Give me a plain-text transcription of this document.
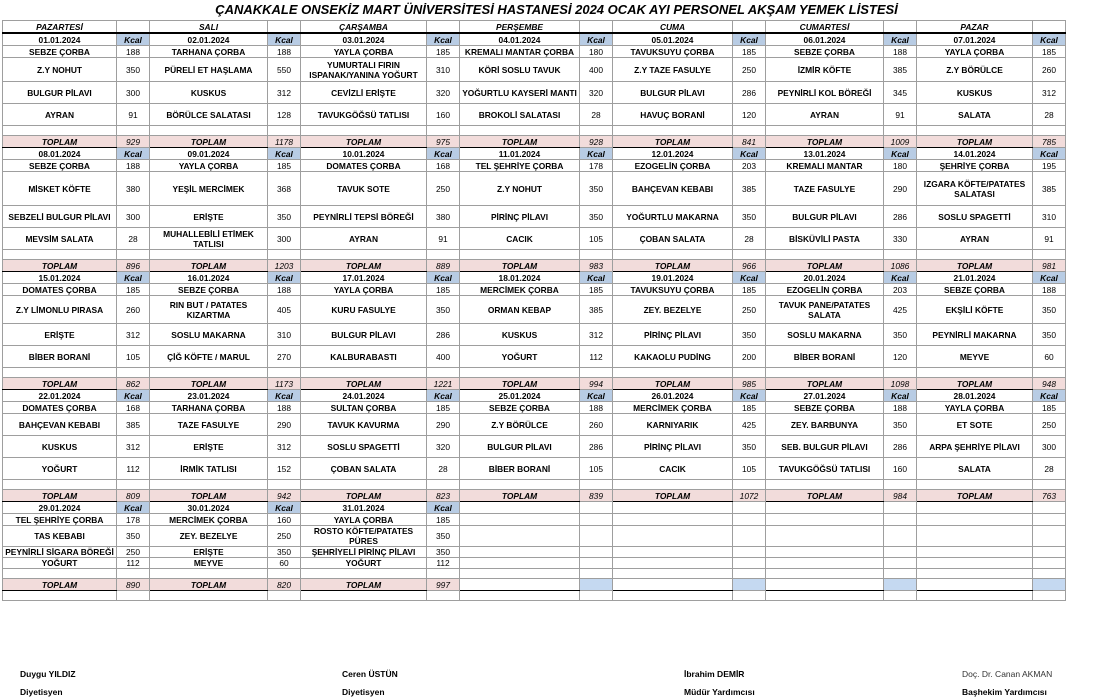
ÇANAKKALE ONSEKİZ MART ÜNİVERSİTESİ HASTANESİ 2024 OCAK AYI PERSONEL AKŞAM YEMEK LİSTESİ
PAZARTESİ		SALI		ÇARŞAMBA		PERŞEMBE		CUMA		CUMARTESİ		PAZAR	
01.01.2024	Kcal	02.01.2024	Kcal	03.01.2024	Kcal	04.01.2024	Kcal	05.01.2024	Kcal	06.01.2024	Kcal	07.01.2024	Kcal
SEBZE ÇORBA	188	TARHANA ÇORBA	188	YAYLA ÇORBA	185	KREMALI MANTAR ÇORBA	180	TAVUKSUYU ÇORBA	185	SEBZE ÇORBA	188	YAYLA ÇORBA	185
Z.Y NOHUT	350	PÜRELİ ET HAŞLAMA	550	YUMURTALI FIRIN ISPANAK/YANINA YOĞURT	310	KÖRİ SOSLU TAVUK	400	Z.Y TAZE FASULYE	250	İZMİR KÖFTE	385	Z.Y BÖRÜLCE	260
BULGUR PİLAVI	300	KUSKUS	312	CEVİZLİ ERİŞTE	320	YOĞURTLU KAYSERİ MANTI	320	BULGUR PİLAVI	286	PEYNİRLİ KOL BÖREĞİ	345	KUSKUS	312
AYRAN	91	BÖRÜLCE SALATASI	128	TAVUKGÖĞSÜ TATLISI	160	BROKOLİ SALATASI	28	HAVUÇ BORANİ	120	AYRAN	91	SALATA	28

TOPLAM	929	TOPLAM	1178	TOPLAM	975	TOPLAM	928	TOPLAM	841	TOPLAM	1009	TOPLAM	785
08.01.2024	Kcal	09.01.2024	Kcal	10.01.2024	Kcal	11.01.2024	Kcal	12.01.2024	Kcal	13.01.2024	Kcal	14.01.2024	Kcal
SEBZE ÇORBA	188	YAYLA ÇORBA	185	DOMATES ÇORBA	168	TEL ŞEHRİYE ÇORBA	178	EZOGELİN ÇORBA	203	KREMALI MANTAR	180	ŞEHRİYE ÇORBA	195
MİSKET KÖFTE	380	YEŞİL MERCİMEK	368	TAVUK SOTE	250	Z.Y NOHUT	350	BAHÇEVAN KEBABI	385	TAZE FASULYE	290	IZGARA KÖFTE/PATATES SALATASI	385
SEBZELİ BULGUR PİLAVI	300	ERİŞTE	350	PEYNİRLİ TEPSİ BÖREĞİ	380	PİRİNÇ PİLAVI	350	YOĞURTLU MAKARNA	350	BULGUR PİLAVI	286	SOSLU SPAGETTİ	310
MEVSİM SALATA	28	MUHALLEBİLİ ETİMEK TATLISI	300	AYRAN	91	CACIK	105	ÇOBAN SALATA	28	BİSKÜVİLİ PASTA	330	AYRAN	91

TOPLAM	896	TOPLAM	1203	TOPLAM	889	TOPLAM	983	TOPLAM	966	TOPLAM	1086	TOPLAM	981
15.01.2024	Kcal	16.01.2024	Kcal	17.01.2024	Kcal	18.01.2024	Kcal	19.01.2024	Kcal	20.01.2024	Kcal	21.01.2024	Kcal
DOMATES ÇORBA	185	SEBZE ÇORBA	188	YAYLA ÇORBA	185	MERCİMEK ÇORBA	185	TAVUKSUYU ÇORBA	185	EZOGELİN ÇORBA	203	SEBZE ÇORBA	188
Z.Y LİMONLU PIRASA	260	RIN BUT / PATATES KIZARTMA	405	KURU FASULYE	350	ORMAN KEBAP	385	ZEY. BEZELYE	250	TAVUK PANE/PATATES SALATA	425	EKŞİLİ KÖFTE	350
ERİŞTE	312	SOSLU MAKARNA	310	BULGUR PİLAVI	286	KUSKUS	312	PİRİNÇ PİLAVI	350	SOSLU MAKARNA	350	PEYNİRLİ MAKARNA	350
BİBER BORANİ	105	ÇİĞ KÖFTE / MARUL	270	KALBURABASTI	400	YOĞURT	112	KAKAOLU PUDİNG	200	BİBER BORANİ	120	MEYVE	60

TOPLAM	862	TOPLAM	1173	TOPLAM	1221	TOPLAM	994	TOPLAM	985	TOPLAM	1098	TOPLAM	948
22.01.2024	Kcal	23.01.2024	Kcal	24.01.2024	Kcal	25.01.2024	Kcal	26.01.2024	Kcal	27.01.2024	Kcal	28.01.2024	Kcal
DOMATES ÇORBA	168	TARHANA ÇORBA	188	SULTAN ÇORBA	185	SEBZE ÇORBA	188	MERCİMEK ÇORBA	185	SEBZE ÇORBA	188	YAYLA ÇORBA	185
BAHÇEVAN KEBABI	385	TAZE FASULYE	290	TAVUK KAVURMA	290	Z.Y BÖRÜLCE	260	KARNIYARIK	425	ZEY. BARBUNYA	350	ET SOTE	250
KUSKUS	312	ERİŞTE	312	SOSLU SPAGETTİ	320	BULGUR PİLAVI	286	PİRİNÇ PİLAVI	350	SEB. BULGUR PİLAVI	286	ARPA ŞEHRİYE PİLAVI	300
YOĞURT	112	İRMİK TATLISI	152	ÇOBAN SALATA	28	BİBER BORANİ	105	CACIK	105	TAVUKGÖĞSÜ TATLISI	160	SALATA	28

TOPLAM	809	TOPLAM	942	TOPLAM	823	TOPLAM	839	TOPLAM	1072	TOPLAM	984	TOPLAM	763
29.01.2024	Kcal	30.01.2024	Kcal	31.01.2024	Kcal								
TEL ŞEHRİYE ÇORBA	178	MERCİMEK ÇORBA	160	YAYLA ÇORBA	185								
TAS KEBABI	350	ZEY. BEZELYE	250	ROSTO KÖFTE/PATATES PÜRES	350								
PEYNİRLİ SİGARA BÖREĞİ	250	ERİŞTE	350	ŞEHRİYELİ PİRİNÇ PİLAVI	350								
YOĞURT	112	MEYVE	60	YOĞURT	112								

TOPLAM	890	TOPLAM	820	TOPLAM	997								

Duygu YILDIZ
Diyetisyen
Ceren ÜSTÜN
Diyetisyen
İbrahim DEMİR
Müdür Yardımcısı
Doç. Dr. Canan AKMAN
Başhekim Yardımcısı
